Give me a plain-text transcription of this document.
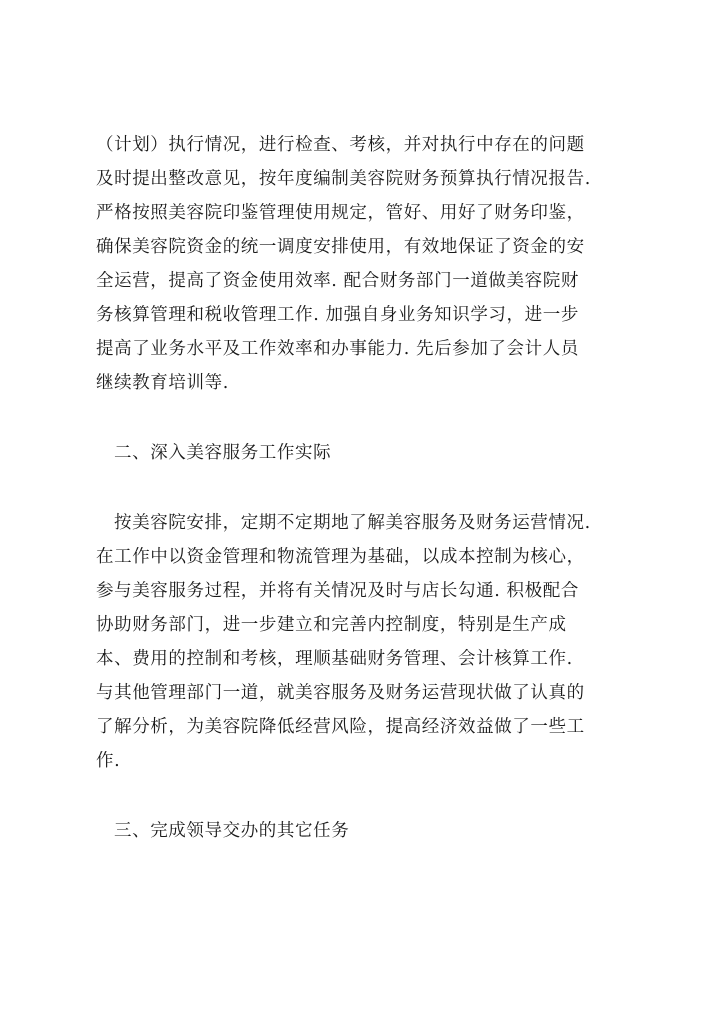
（计划）执行情况，进行检查、考核，并对执行中存在的问题
及时提出整改意见，按年度编制美容院财务预算执行情况报告.
严格按照美容院印鉴管理使用规定，管好、用好了财务印鉴，
确保美容院资金的统一调度安排使用，有效地保证了资金的安
全运营，提高了资金使用效率. 配合财务部门一道做美容院财
务核算管理和税收管理工作. 加强自身业务知识学习，进一步
提高了业务水平及工作效率和办事能力. 先后参加了会计人员
继续教育培训等.
二、深入美容服务工作实际
按美容院安排，定期不定期地了解美容服务及财务运营情况.
在工作中以资金管理和物流管理为基础，以成本控制为核心，
参与美容服务过程，并将有关情况及时与店长勾通. 积极配合
协助财务部门，进一步建立和完善内控制度，特别是生产成
本、费用的控制和考核，理顺基础财务管理、会计核算工作.
与其他管理部门一道，就美容服务及财务运营现状做了认真的
了解分析，为美容院降低经营风险，提高经济效益做了一些工
作.
三、完成领导交办的其它任务
